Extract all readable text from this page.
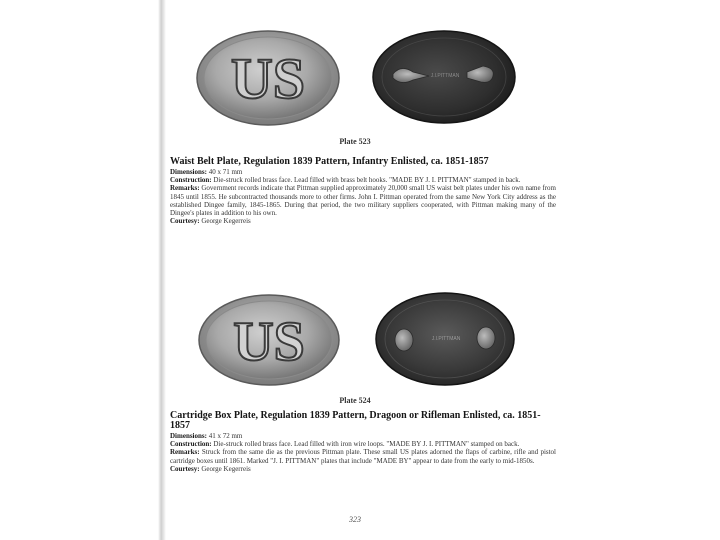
US	J.I.PITTMAN
Plate 523
Waist Belt Plate, Regulation 1839 Pattern, Infantry Enlisted, ca. 1851-1857
Dimensions: 40 x 71 mm
Construction: Die-struck rolled brass face. Lead filled with brass belt hooks. "MADE BY J. I. PITTMAN" stamped in back.
Remarks: Government records indicate that Pittman supplied approximately 20,000 small US waist belt plates under his own name from 1845 until 1855. He subcontracted thousands more to other firms. John I. Pittman operated from the same New York City address as the established Dingee family, 1845-1865. During that period, the two military suppliers cooperated, with Pittman making many of the Dingee's plates in addition to his own.
Courtesy: George Kegerreis
US	J.I.PITTMAN
Plate 524
Cartridge Box Plate, Regulation 1839 Pattern, Dragoon or Rifleman Enlisted, ca. 1851-1857
Dimensions: 41 x 72 mm
Construction: Die-struck rolled brass face. Lead filled with iron wire loops. "MADE BY J. I. PITTMAN" stamped on back.
Remarks: Struck from the same die as the previous Pittman plate. These small US plates adorned the flaps of carbine, rifle and pistol cartridge boxes until 1861. Marked "J. I. PITTMAN" plates that include "MADE BY" appear to date from the early to mid-1850s.
Courtesy: George Kegerreis
323
